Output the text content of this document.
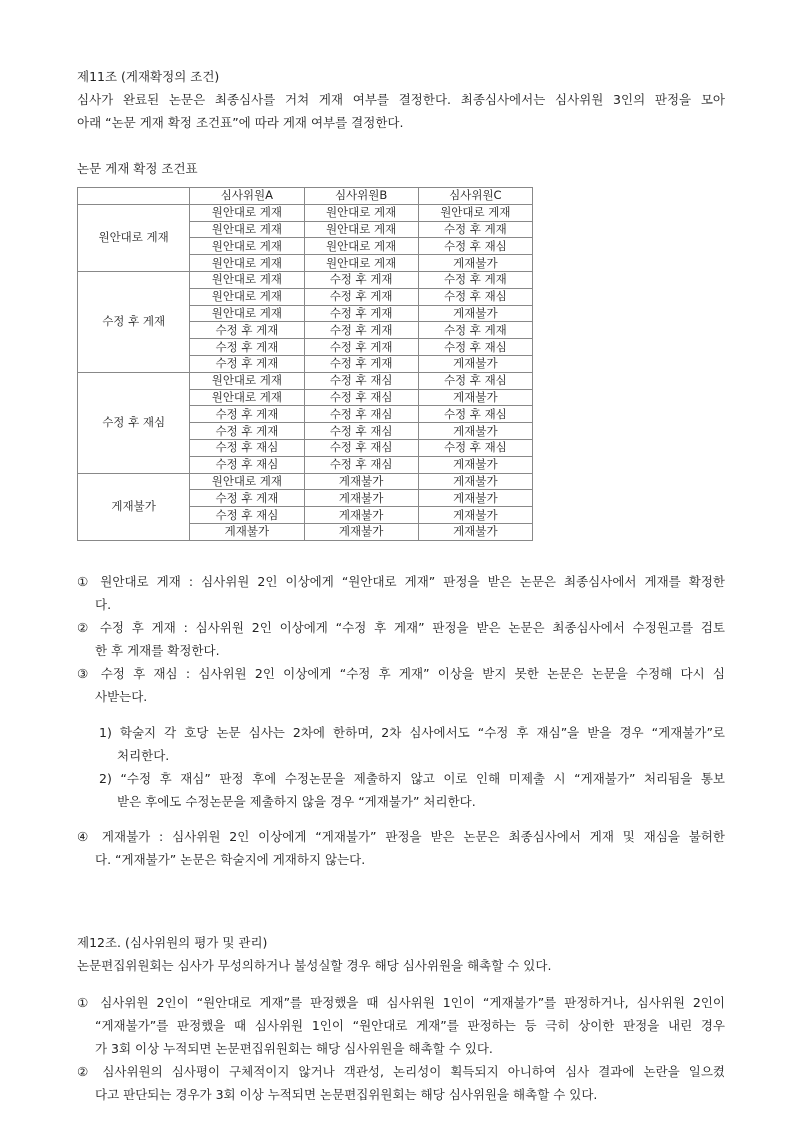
제11조 (게재확정의 조건)
심사가 완료된 논문은 최종심사를 거쳐 게재 여부를 결정한다. 최종심사에서는 심사위원 3인의 판정을 모아
아래 “논문 게재 확정 조건표”에 따라 게재 여부를 결정한다.
논문 게재 확정 조건표
	심사위원A	심사위원B	심사위원C
원안대로 게재	원안대로 게재	원안대로 게재	원안대로 게재
	원안대로 게재	원안대로 게재	수정 후 게재
	원안대로 게재	원안대로 게재	수정 후 재심
	원안대로 게재	원안대로 게재	게재불가
수정 후 게재	원안대로 게재	수정 후 게재	수정 후 게재
	원안대로 게재	수정 후 게재	수정 후 재심
	원안대로 게재	수정 후 게재	게재불가
	수정 후 게재	수정 후 게재	수정 후 게재
	수정 후 게재	수정 후 게재	수정 후 재심
	수정 후 게재	수정 후 게재	게재불가
수정 후 재심	원안대로 게재	수정 후 재심	수정 후 재심
	원안대로 게재	수정 후 재심	게재불가
	수정 후 게재	수정 후 재심	수정 후 재심
	수정 후 게재	수정 후 재심	게재불가
	수정 후 재심	수정 후 재심	수정 후 재심
	수정 후 재심	수정 후 재심	게재불가
게재불가	원안대로 게재	게재불가	게재불가
	수정 후 게재	게재불가	게재불가
	수정 후 재심	게재불가	게재불가
	게재불가	게재불가	게재불가
① 원안대로 게재 : 심사위원 2인 이상에게 “원안대로 게재” 판정을 받은 논문은 최종심사에서 게재를 확정한
다.
② 수정 후 게재 : 심사위원 2인 이상에게 “수정 후 게재” 판정을 받은 논문은 최종심사에서 수정원고를 검토
한 후 게재를 확정한다.
③ 수정 후 재심 : 심사위원 2인 이상에게 “수정 후 게재” 이상을 받지 못한 논문은 논문을 수정해 다시 심
사받는다.
1) 학술지 각 호당 논문 심사는 2차에 한하며, 2차 심사에서도 “수정 후 재심”을 받을 경우 “게재불가”로
처리한다.
2) “수정 후 재심” 판정 후에 수정논문을 제출하지 않고 이로 인해 미제출 시 “게재불가” 처리됨을 통보
받은 후에도 수정논문을 제출하지 않을 경우 “게재불가” 처리한다.
④ 게재불가 : 심사위원 2인 이상에게 “게재불가” 판정을 받은 논문은 최종심사에서 게재 및 재심을 불허한
다. “게재불가” 논문은 학술지에 게재하지 않는다.
제12조. (심사위원의 평가 및 관리)
논문편집위원회는 심사가 무성의하거나 불성실할 경우 해당 심사위원을 해촉할 수 있다.
① 심사위원 2인이 “원안대로 게재”를 판정했을 때 심사위원 1인이 “게재불가”를 판정하거나, 심사위원 2인이
“게재불가”를 판정했을 때 심사위원 1인이 “원안대로 게재”를 판정하는 등 극히 상이한 판정을 내린 경우
가 3회 이상 누적되면 논문편집위원회는 해당 심사위원을 해촉할 수 있다.
② 심사위원의 심사평이 구체적이지 않거나 객관성, 논리성이 획득되지 아니하여 심사 결과에 논란을 일으켰
다고 판단되는 경우가 3회 이상 누적되면 논문편집위원회는 해당 심사위원을 해촉할 수 있다.
